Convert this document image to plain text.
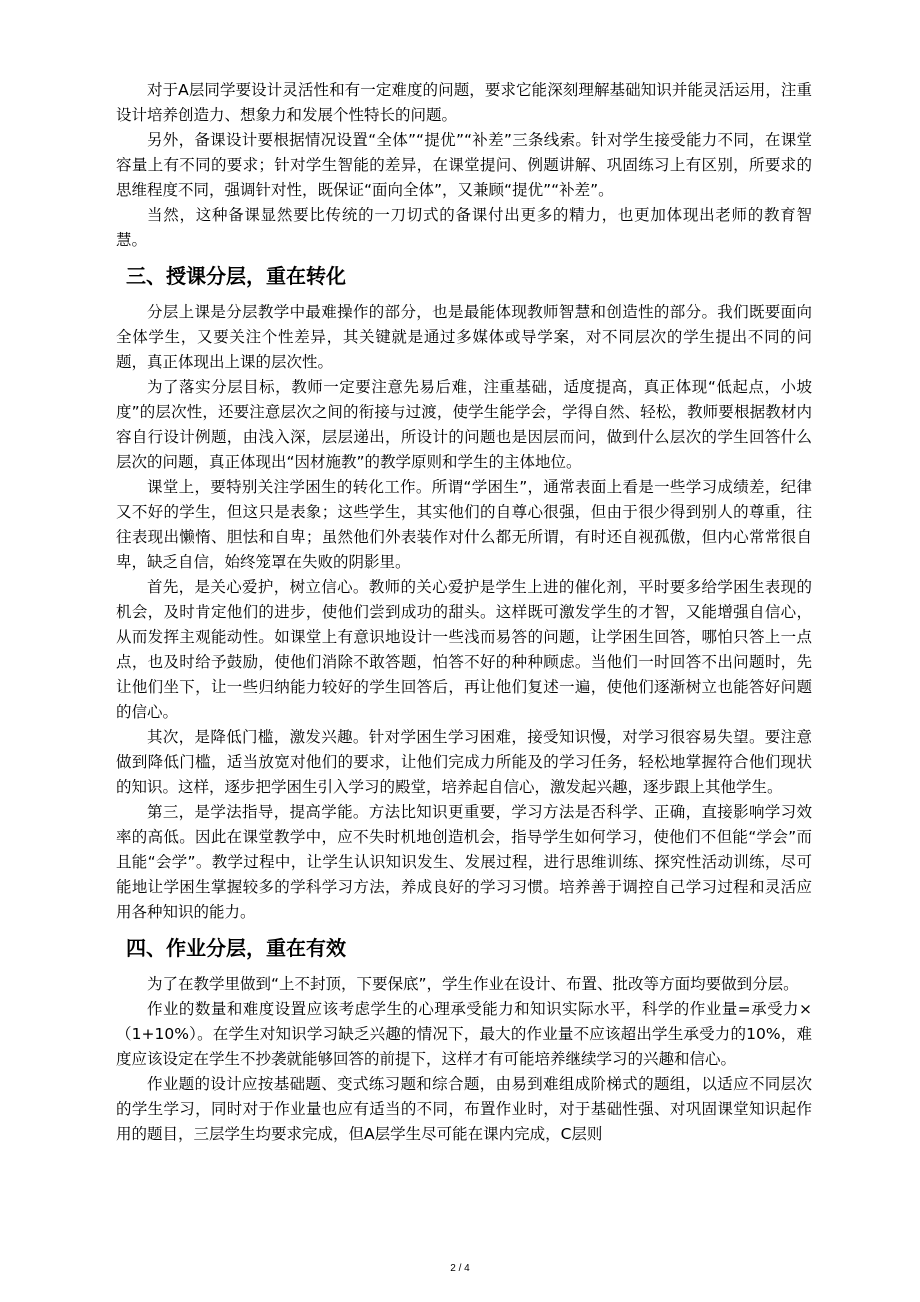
对于A层同学要设计灵活性和有一定难度的问题，要求它能深刻理解基础知识并能灵活运用，注重设计培养创造力、想象力和发展个性特长的问题。

另外，备课设计要根据情况设置“全体”“提优”“补差”三条线索。针对学生接受能力不同，在课堂容量上有不同的要求；针对学生智能的差异，在课堂提问、例题讲解、巩固练习上有区别，所要求的思维程度不同，强调针对性，既保证“面向全体”，又兼顾“提优”“补差”。

当然，这种备课显然要比传统的一刀切式的备课付出更多的精力，也更加体现出老师的教育智慧。

三、授课分层，重在转化

分层上课是分层教学中最难操作的部分，也是最能体现教师智慧和创造性的部分。我们既要面向全体学生，又要关注个性差异，其关键就是通过多媒体或导学案，对不同层次的学生提出不同的问题，真正体现出上课的层次性。

为了落实分层目标，教师一定要注意先易后难，注重基础，适度提高，真正体现“低起点，小坡度”的层次性，还要注意层次之间的衔接与过渡，使学生能学会，学得自然、轻松，教师要根据教材内容自行设计例题，由浅入深，层层递出，所设计的问题也是因层而问，做到什么层次的学生回答什么层次的问题，真正体现出“因材施教”的教学原则和学生的主体地位。

课堂上，要特别关注学困生的转化工作。所谓“学困生”，通常表面上看是一些学习成绩差，纪律又不好的学生，但这只是表象；这些学生，其实他们的自尊心很强，但由于很少得到别人的尊重，往往表现出懒惰、胆怯和自卑；虽然他们外表装作对什么都无所谓，有时还自视孤傲，但内心常常很自卑，缺乏自信，始终笼罩在失败的阴影里。

首先，是关心爱护，树立信心。教师的关心爱护是学生上进的催化剂，平时要多给学困生表现的机会，及时肯定他们的进步，使他们尝到成功的甜头。这样既可激发学生的才智，又能增强自信心，从而发挥主观能动性。如课堂上有意识地设计一些浅而易答的问题，让学困生回答，哪怕只答上一点点，也及时给予鼓励，使他们消除不敢答题，怕答不好的种种顾虑。当他们一时回答不出问题时，先让他们坐下，让一些归纳能力较好的学生回答后，再让他们复述一遍，使他们逐渐树立也能答好问题的信心。

其次，是降低门槛，激发兴趣。针对学困生学习困难，接受知识慢，对学习很容易失望。要注意做到降低门槛，适当放宽对他们的要求，让他们完成力所能及的学习任务，轻松地掌握符合他们现状的知识。这样，逐步把学困生引入学习的殿堂，培养起自信心，激发起兴趣，逐步跟上其他学生。

第三，是学法指导，提高学能。方法比知识更重要，学习方法是否科学、正确，直接影响学习效率的高低。因此在课堂教学中，应不失时机地创造机会，指导学生如何学习，使他们不但能“学会”而且能“会学”。教学过程中，让学生认识知识发生、发展过程，进行思维训练、探究性活动训练，尽可能地让学困生掌握较多的学科学习方法，养成良好的学习习惯。培养善于调控自己学习过程和灵活应用各种知识的能力。

四、作业分层，重在有效

为了在教学里做到“上不封顶，下要保底”，学生作业在设计、布置、批改等方面均要做到分层。

作业的数量和难度设置应该考虑学生的心理承受能力和知识实际水平，科学的作业量=承受力×（1+10%）。在学生对知识学习缺乏兴趣的情况下，最大的作业量不应该超出学生承受力的10%，难度应该设定在学生不抄袭就能够回答的前提下，这样才有可能培养继续学习的兴趣和信心。

作业题的设计应按基础题、变式练习题和综合题，由易到难组成阶梯式的题组，以适应不同层次的学生学习，同时对于作业量也应有适当的不同，布置作业时，对于基础性强、对巩固课堂知识起作用的题目，三层学生均要求完成，但A层学生尽可能在课内完成，C层则

2 / 4
